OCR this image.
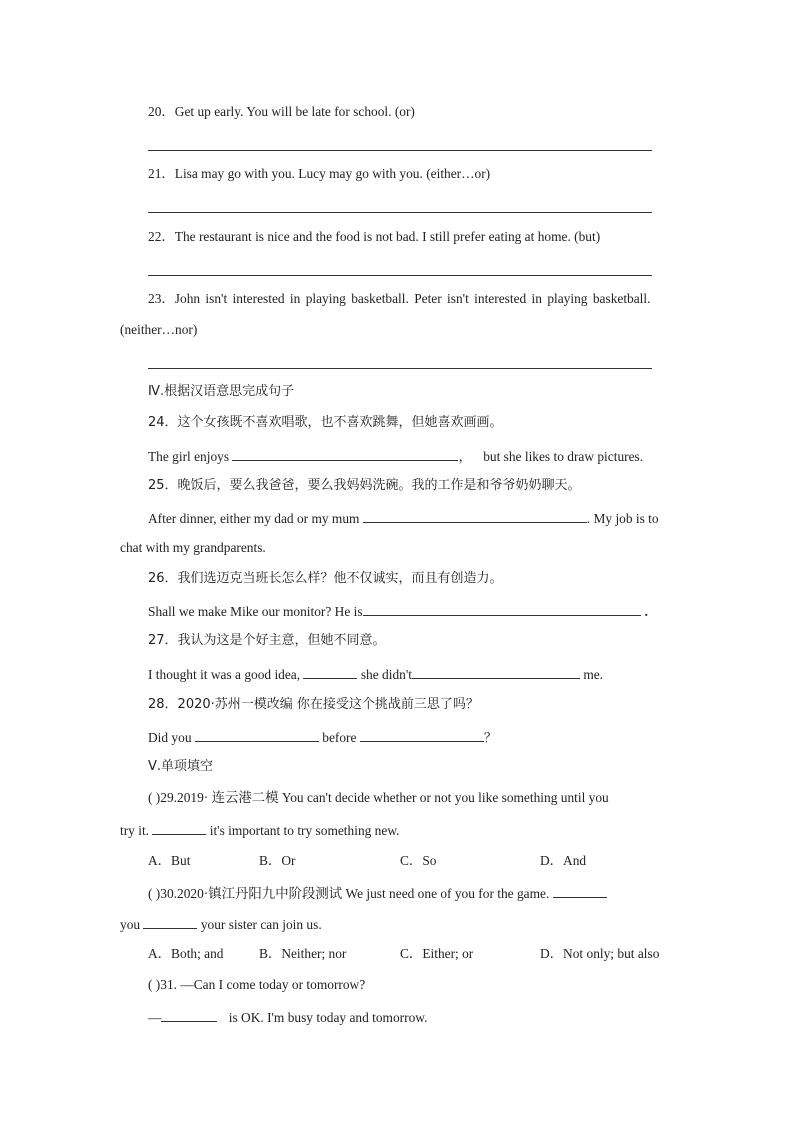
20．Get up early. You will be late for school. (or)
21．Lisa may go with you. Lucy may go with you. (either…or)
22．The restaurant is nice and the food is not bad. I still prefer eating at home. (but)
23．John isn't interested in playing basketball. Peter isn't interested in playing basketball.
(neither…nor)
Ⅳ.根据汉语意思完成句子
24．这个女孩既不喜欢唱歌，也不喜欢跳舞，但她喜欢画画。
The girl enjoys	， but she likes to draw pictures.
25．晚饭后，要么我爸爸，要么我妈妈洗碗。我的工作是和爷爷奶奶聊天。
After dinner, either my dad or my mum	. My job is to
chat with my grandparents.
26．我们选迈克当班长怎么样？他不仅诚实，而且有创造力。
Shall we make Mike our monitor? He is	.
27．我认为这是个好主意，但她不同意。
I thought it was a good idea,	she didn't	me.
28．2020·苏州一模改编 你在接受这个挑战前三思了吗？
Did you	before	？
Ⅴ.单项填空
( )29.2019· 连云港二模 You can't decide whether or not you like something until you
try it.	it's important to try something new.
A．But	B．Or	C．So	D．And
( )30.2020·镇江丹阳九中阶段测试 We just need one of you for the game.
you	your sister can join us.
A．Both; and	B．Neither; nor	C．Either; or	D．Not only; but also
( )31. —Can I come today or tomorrow?
—	is OK. I'm busy today and tomorrow.
